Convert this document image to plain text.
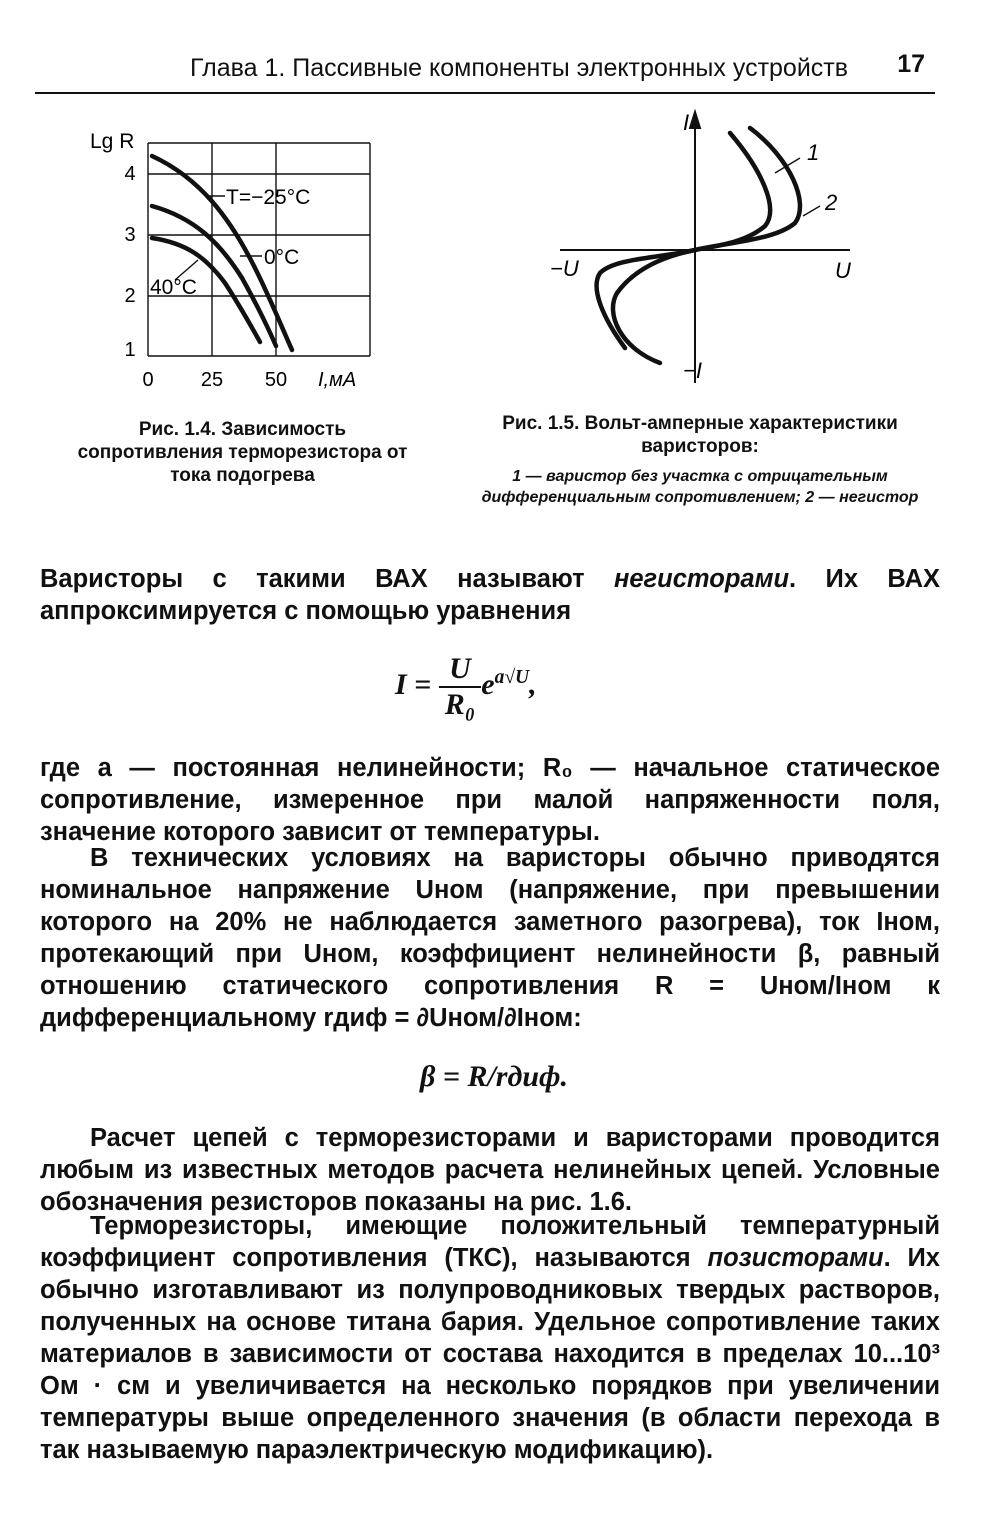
Глава 1. Пассивные компоненты электронных устройств 17
Lg R
1
2
3
4
0 25 50 I,мА
T=−25°C
0°C
40°C
I
−I
U
−U
1
2
Рис. 1.4. Зависимость сопротивления терморезистора от тока подогрева
Рис. 1.5. Вольт-амперные характеристики варисторов:
1 — варистор без участка с отрицательным дифференциальным сопротивлением; 2 — негистор
Варисторы с такими ВАХ называют негисторами. Их ВАХ аппроксимируется с помощью уравнения
$I = \frac{U}{\text{R₀}} e^{a√U}$,
где a — постоянная нелинейности; R₀ — начальное статическое сопротивление, измеренное при малой напряженности поля, значение которого зависит от температуры.
В технических условиях на варисторы обычно приводятся номинальное напряжение Uном (напряжение, при превышении которого на 20% не наблюдается заметного разогрева), ток Iном, протекающий при Uном, коэффициент нелинейности β, равный отношению статического сопротивления R = Uном/Iном к дифференциальному rдиф = ∂Uном/∂Iном:
β = R/rдиф.
Расчет цепей с терморезисторами и варисторами проводится любым из известных методов расчета нелинейных цепей. Условные обозначения резисторов показаны на рис. 1.6.
Терморезисторы, имеющие положительный температурный коэффициент сопротивления (ТКС), называются позисторами. Их обычно изготавливают из полупроводниковых твердых растворов, полученных на основе титана бария. Удельное сопротивление таких материалов в зависимости от состава находится в пределах 10...10³ Ом · см и увеличивается на несколько порядков при увеличении температуры выше определенного значения (в области перехода в так называемую параэлектрическую модификацию).
